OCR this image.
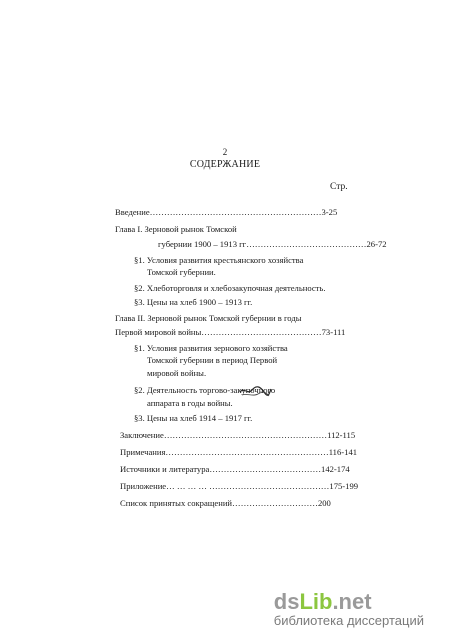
2
СОДЕРЖАНИЕ
Стр.
Введение……………………………………………………3-25
Глава I. Зерновой рынок Томской
губернии 1900 – 1913 гг……………………………………26-72
§1. Условия развития крестьянского хозяйства
Томской губернии.
§2. Хлеботорговля и хлебозакупочная деятельность.
§3. Цены на хлеб 1900 – 1913 гг.
Глава II. Зерновой рынок Томской губернии в годы
Первой мировой войны……………………………………73-111
§1. Условия развития зернового хозяйства
Томской губернии в период Первой
мировой войны.
§2. Деятельность торгово-закупочного
аппарата в годы войны.
§3. Цены на хлеб 1914 – 1917 гг.
Заключение…………………………………………………112-115
Примечания…………………………………………………116-141
Источники и литература…………………………………142-174
Приложение… … … … ……………………………………175-199
Список принятых сокращений…………………………200
dsLib.net
библиотека диссертаций
